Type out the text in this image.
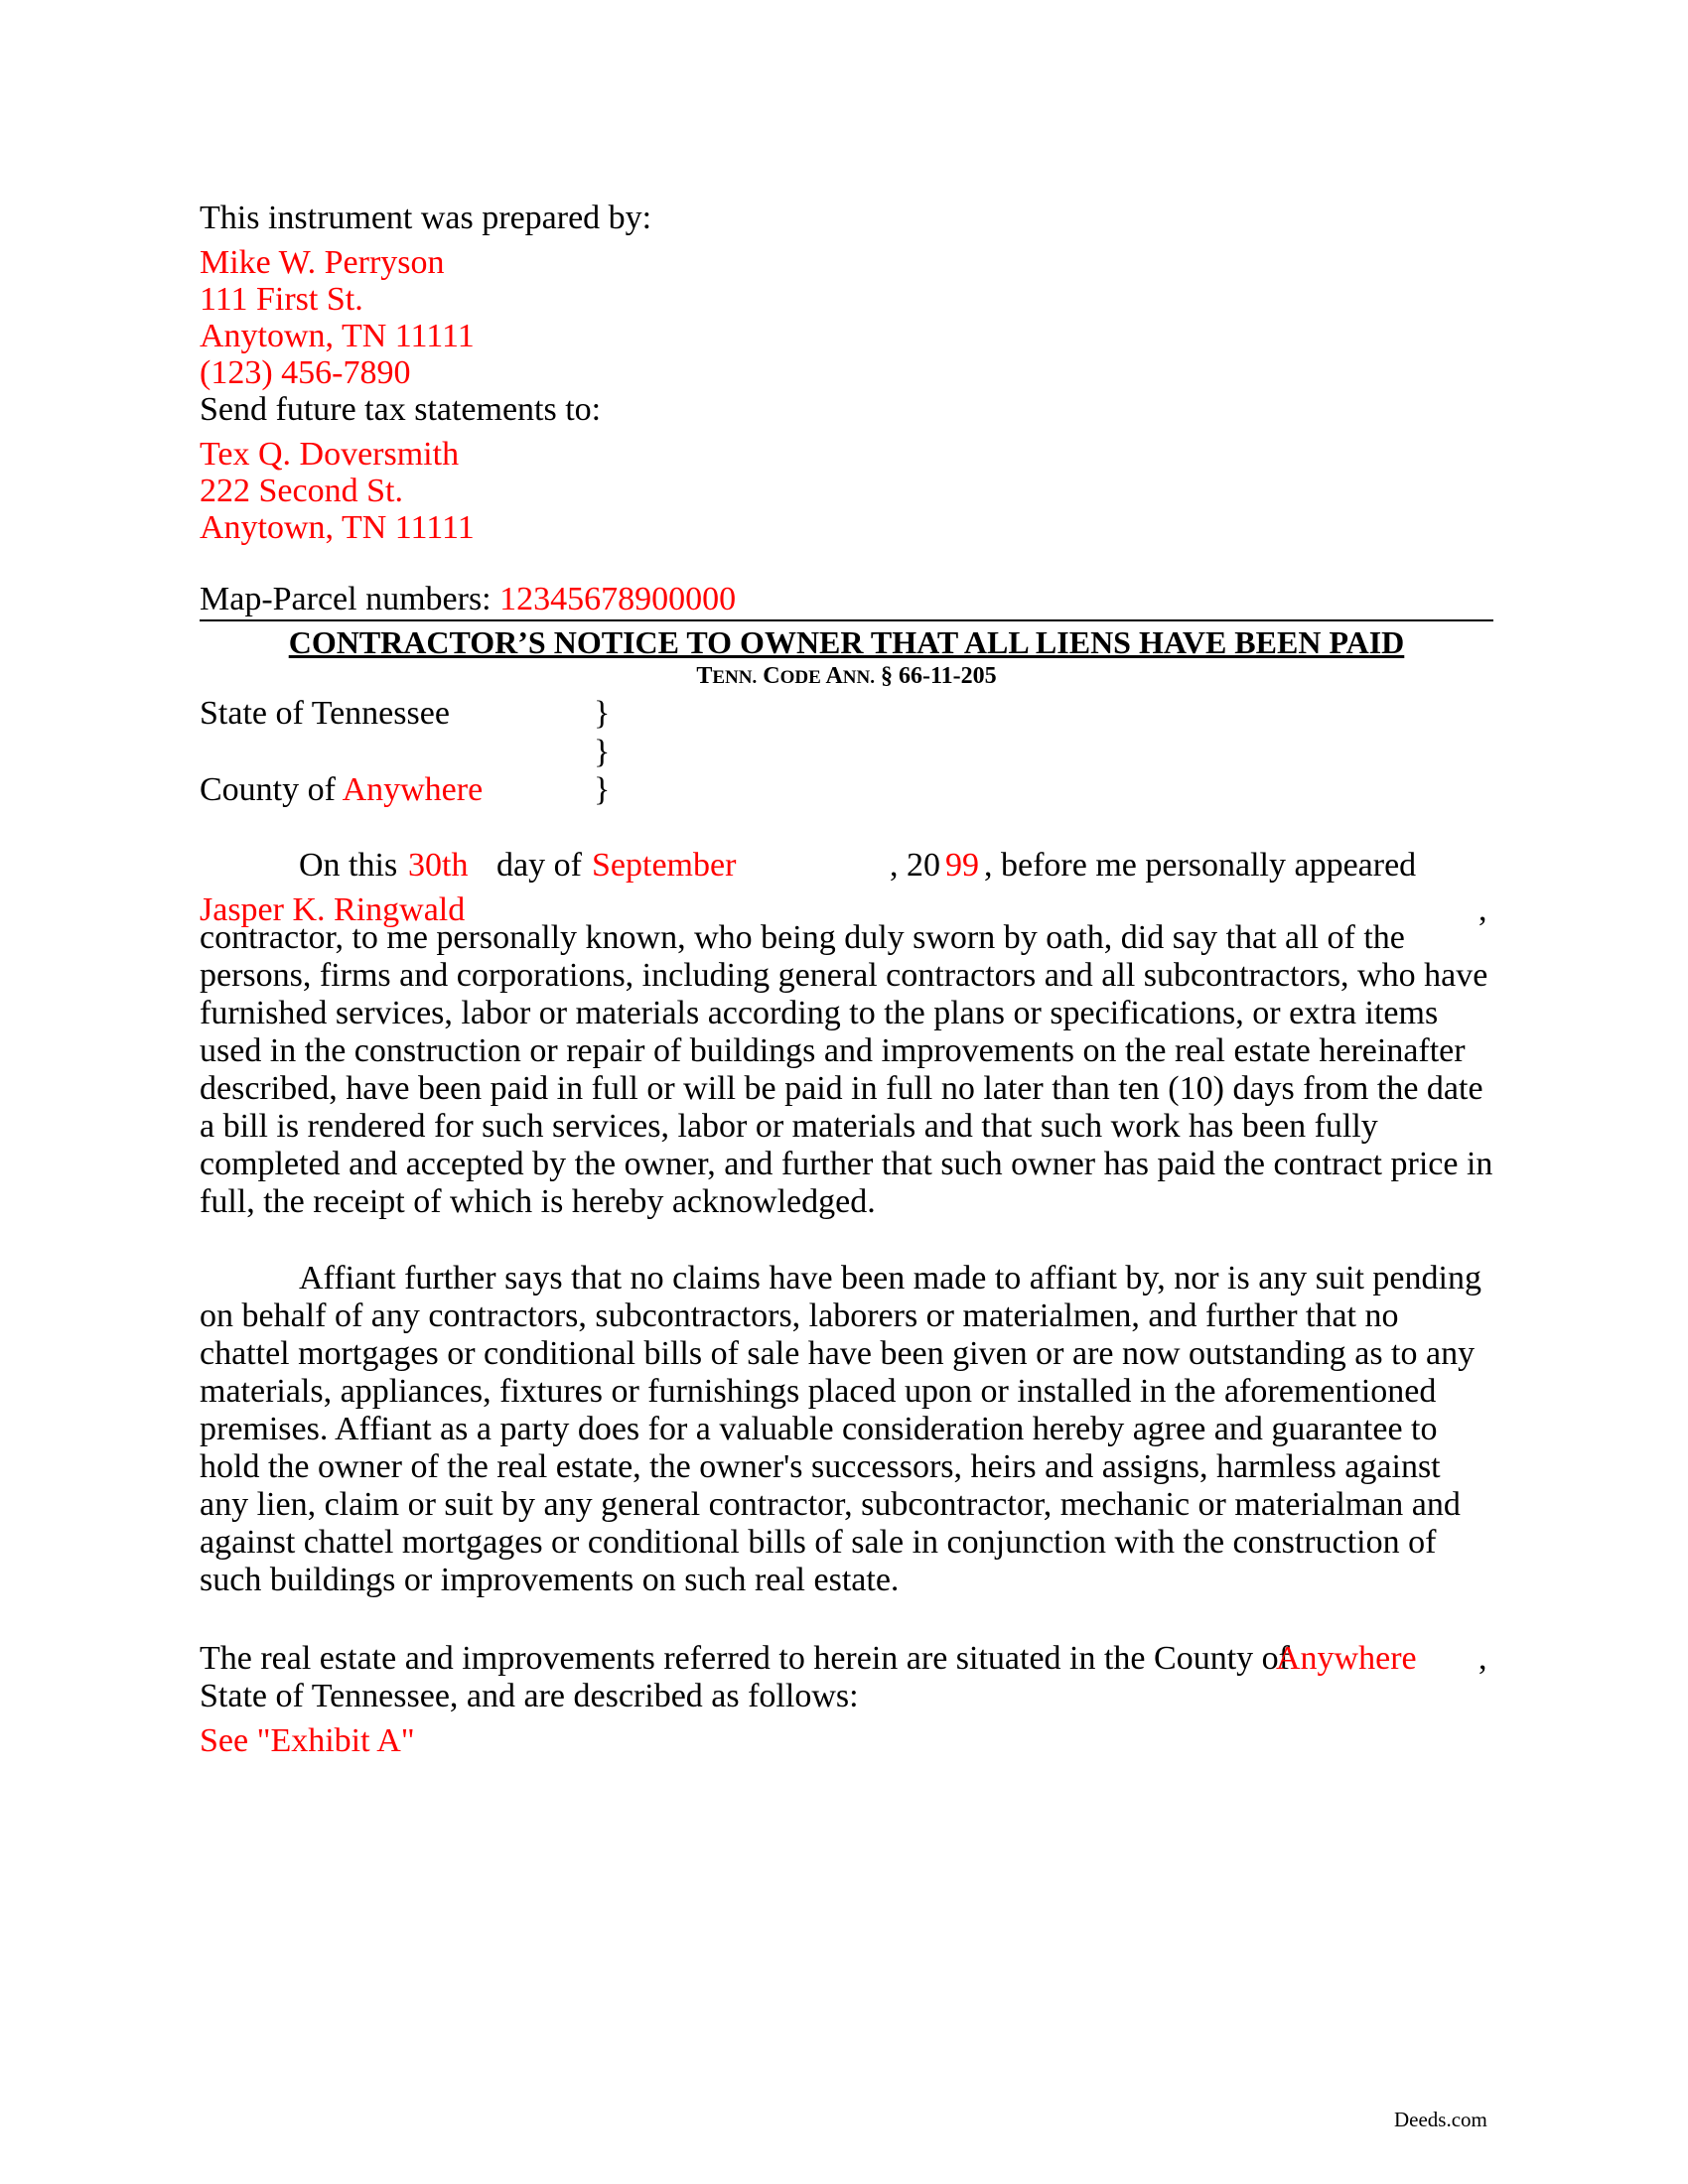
This instrument was prepared by:
Mike W. Perryson
111 First St.
Anytown, TN 11111
(123) 456-7890
Send future tax statements to:
Tex Q. Doversmith
222 Second St.
Anytown, TN 11111
Map-Parcel numbers: 12345678900000
CONTRACTOR’S NOTICE TO OWNER THAT ALL LIENS HAVE BEEN PAID
TENN. CODE ANN. § 66-11-205
State of Tennessee
County of Anywhere
}
}
}
On this 30th day of September	, 20 99 , before me personally appeared
Jasper K. Ringwald	,
contractor, to me personally known, who being duly sworn by oath, did say that all of the persons, firms and corporations, including general contractors and all subcontractors, who have furnished services, labor or materials according to the plans or specifications, or extra items used in the construction or repair of buildings and improvements on the real estate hereinafter described, have been paid in full or will be paid in full no later than ten (10) days from the date a bill is rendered for such services, labor or materials and that such work has been fully completed and accepted by the owner, and further that such owner has paid the contract price in full, the receipt of which is hereby acknowledged.
Affiant further says that no claims have been made to affiant by, nor is any suit pending on behalf of any contractors, subcontractors, laborers or materialmen, and further that no chattel mortgages or conditional bills of sale have been given or are now outstanding as to any materials, appliances, fixtures or furnishings placed upon or installed in the aforementioned premises. Affiant as a party does for a valuable consideration hereby agree and guarantee to hold the owner of the real estate, the owner's successors, heirs and assigns, harmless against any lien, claim or suit by any general contractor, subcontractor, mechanic or materialman and against chattel mortgages or conditional bills of sale in conjunction with the construction of such buildings or improvements on such real estate.
The real estate and improvements referred to herein are situated in the County of
Anywhere ,
State of Tennessee, and are described as follows:
See "Exhibit A"
Deeds.com
